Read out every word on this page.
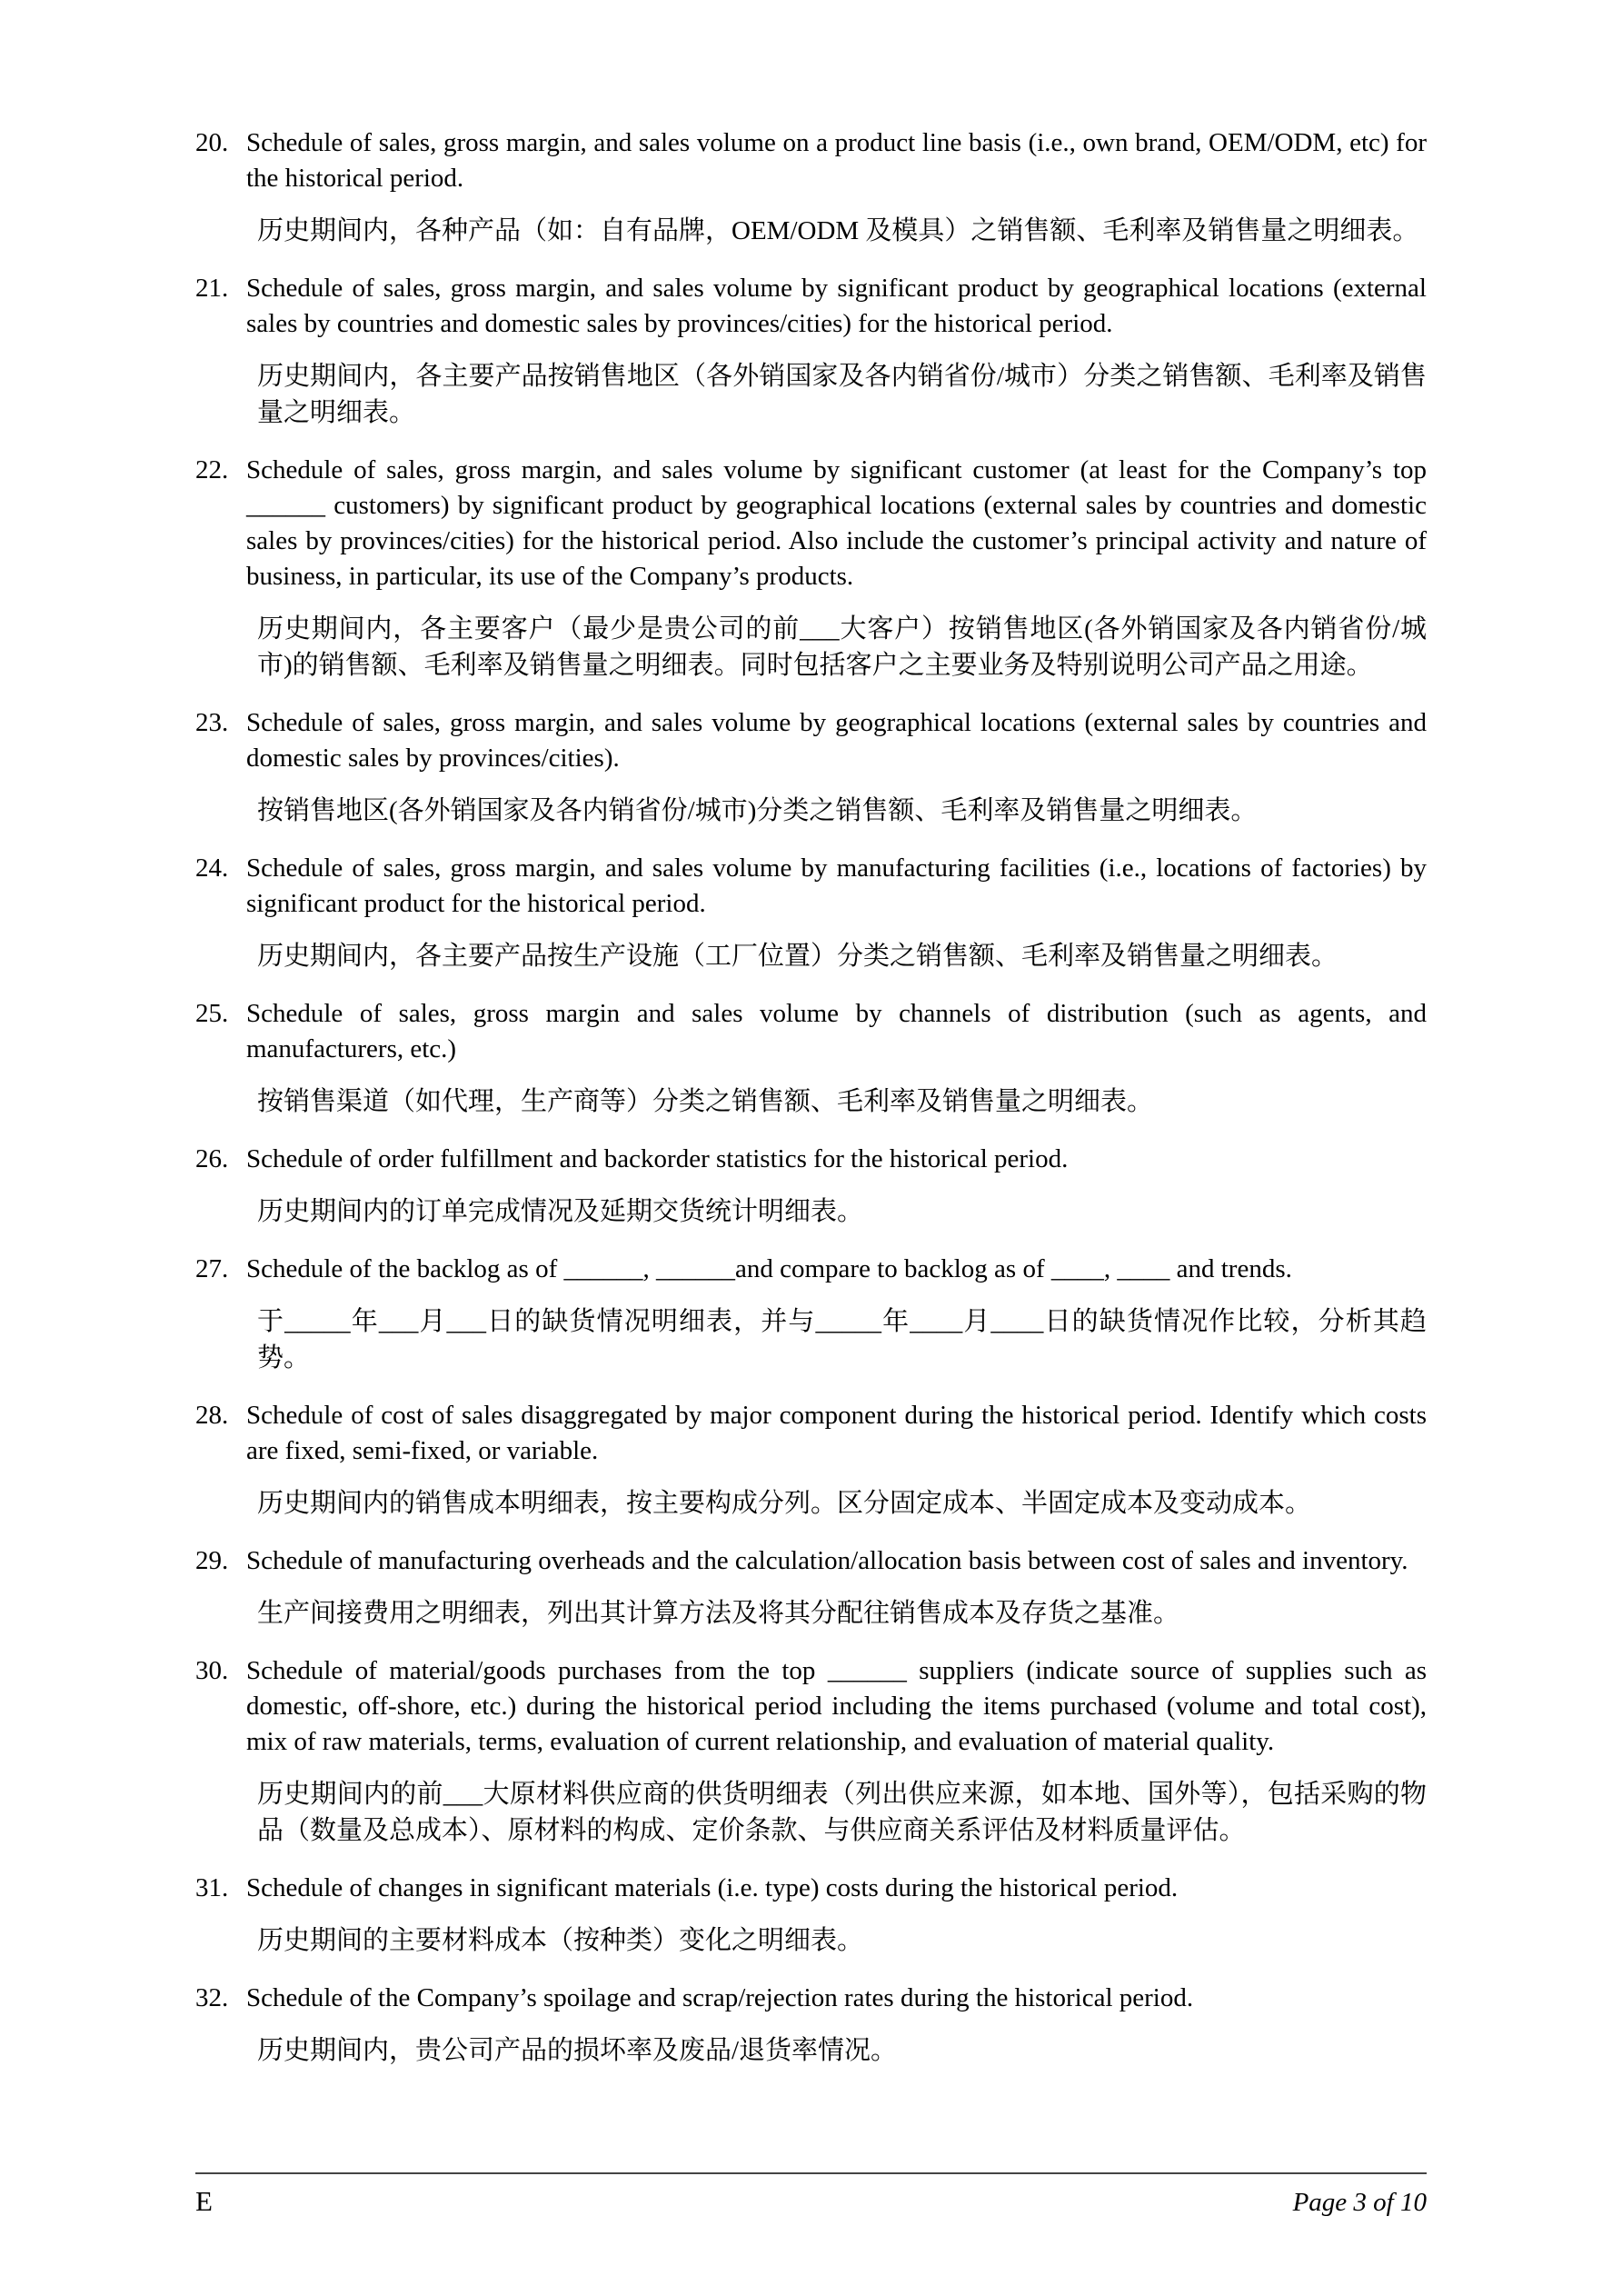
20. Schedule of sales, gross margin, and sales volume on a product line basis (i.e., own brand, OEM/ODM, etc) for the historical period.

历史期间内，各种产品（如：自有品牌，OEM/ODM 及模具）之销售额、毛利率及销售量之明细表。

21. Schedule of sales, gross margin, and sales volume by significant product by geographical locations (external sales by countries and domestic sales by provinces/cities) for the historical period.

历史期间内，各主要产品按销售地区（各外销国家及各内销省份/城市）分类之销售额、毛利率及销售量之明细表。

22. Schedule of sales, gross margin, and sales volume by significant customer (at least for the Company’s top ______ customers) by significant product by geographical locations (external sales by countries and domestic sales by provinces/cities) for the historical period. Also include the customer’s principal activity and nature of business, in particular, its use of the Company’s products.

历史期间内，各主要客户（最少是贵公司的前___大客户）按销售地区(各外销国家及各内销省份/城市)的销售额、毛利率及销售量之明细表。同时包括客户之主要业务及特别说明公司产品之用途。

23. Schedule of sales, gross margin, and sales volume by geographical locations (external sales by countries and domestic sales by provinces/cities).

按销售地区(各外销国家及各内销省份/城市)分类之销售额、毛利率及销售量之明细表。

24. Schedule of sales, gross margin, and sales volume by manufacturing facilities (i.e., locations of factories) by significant product for the historical period.

历史期间内，各主要产品按生产设施（工厂位置）分类之销售额、毛利率及销售量之明细表。

25. Schedule of sales, gross margin and sales volume by channels of distribution (such as agents, and manufacturers, etc.)

按销售渠道（如代理，生产商等）分类之销售额、毛利率及销售量之明细表。

26. Schedule of order fulfillment and backorder statistics for the historical period.

历史期间内的订单完成情况及延期交货统计明细表。

27. Schedule of the backlog as of ______, ______and compare to backlog as of ____, ____ and trends.

于_____年___月___日的缺货情况明细表，并与_____年____月____日的缺货情况作比较，分析其趋势。

28. Schedule of cost of sales disaggregated by major component during the historical period. Identify which costs are fixed, semi-fixed, or variable.

历史期间内的销售成本明细表，按主要构成分列。区分固定成本、半固定成本及变动成本。

29. Schedule of manufacturing overheads and the calculation/allocation basis between cost of sales and inventory.

生产间接费用之明细表，列出其计算方法及将其分配往销售成本及存货之基准。

30. Schedule of material/goods purchases from the top ______ suppliers (indicate source of supplies such as domestic, off-shore, etc.) during the historical period including the items purchased (volume and total cost), mix of raw materials, terms, evaluation of current relationship, and evaluation of material quality.

历史期间内的前___大原材料供应商的供货明细表（列出供应来源，如本地、国外等），包括采购的物品（数量及总成本）、原材料的构成、定价条款、与供应商关系评估及材料质量评估。

31. Schedule of changes in significant materials (i.e. type) costs during the historical period.

历史期间的主要材料成本（按种类）变化之明细表。

32. Schedule of the Company’s spoilage and scrap/rejection rates during the historical period.

历史期间内，贵公司产品的损坏率及废品/退货率情况。

E	Page 3 of 10
